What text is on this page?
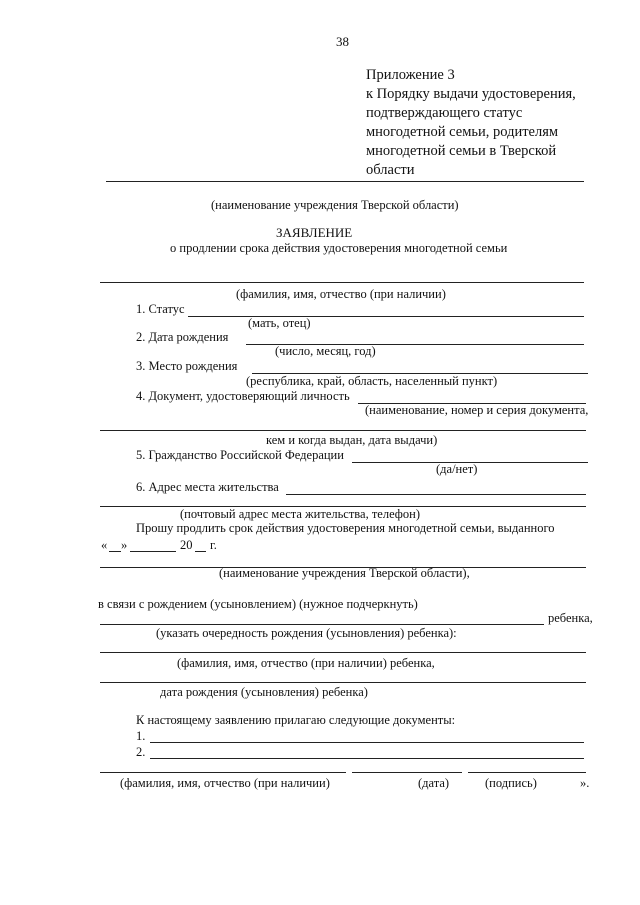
38
Приложение 3
к Порядку выдачи удостоверения,
подтверждающего статус
многодетной семьи, родителям
многодетной семьи в Тверской
области
(наименование учреждения Тверской области)
ЗАЯВЛЕНИЕ
о продлении срока действия удостоверения многодетной семьи
(фамилия, имя, отчество (при наличии)
1. Статус
(мать, отец)
2. Дата рождения
(число, месяц, год)
3. Место рождения
(республика, край, область, населенный пункт)
4. Документ, удостоверяющий личность
(наименование, номер и серия документа,
кем и когда выдан, дата выдачи)
5. Гражданство Российской Федерации
(да/нет)
6. Адрес места жительства
(почтовый адрес места жительства, телефон)
Прошу продлить срок действия удостоверения многодетной семьи, выданного
« »	20 г.
(наименование учреждения Тверской области),
в связи с рождением (усыновлением) (нужное подчеркнуть)
ребенка,
(указать очередность рождения (усыновления) ребенка):
(фамилия, имя, отчество (при наличии) ребенка,
дата рождения (усыновления) ребенка)
К настоящему заявлению прилагаю следующие документы:
1.
2.
(фамилия, имя, отчество (при наличии)	(дата)	(подпись)	».
